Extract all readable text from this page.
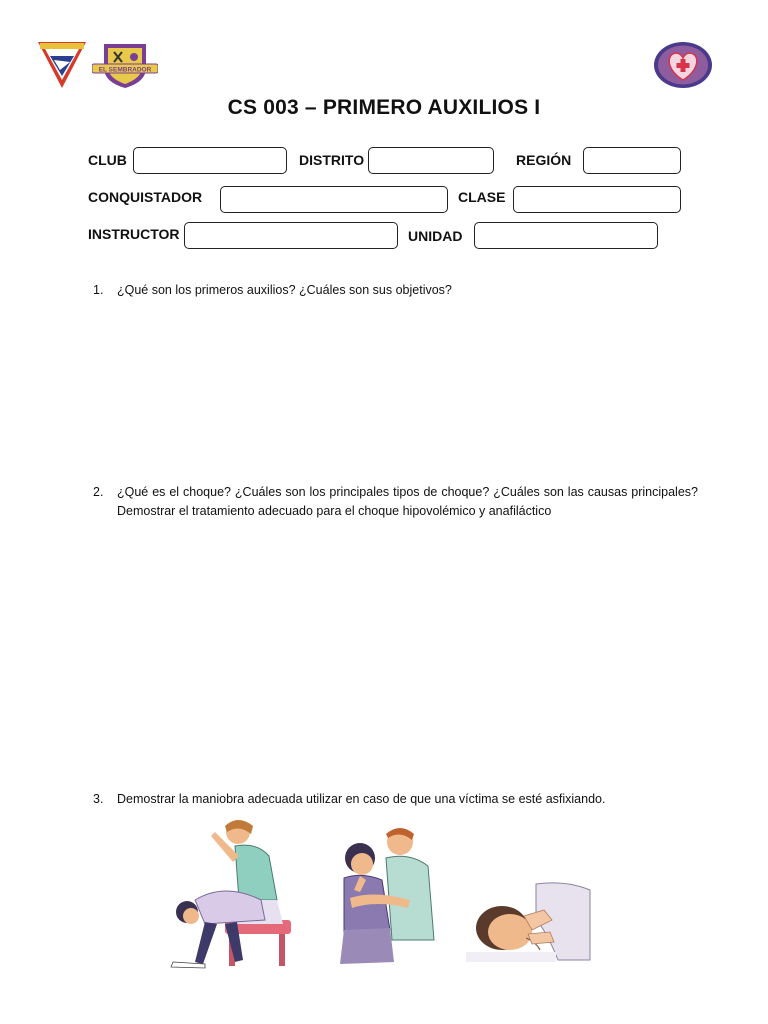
EL SEMBRADOR
CS 003 – PRIMERO AUXILIOS I
CLUB	DISTRITO	REGIÓN
CONQUISTADOR	CLASE
INSTRUCTOR	UNIDAD
1. ¿Qué son los primeros auxilios? ¿Cuáles son sus objetivos?
2. ¿Qué es el choque? ¿Cuáles son los principales tipos de choque? ¿Cuáles son las causas principales? Demostrar el tratamiento adecuado para el choque hipovolémico y anafiláctico
3. Demostrar la maniobra adecuada utilizar en caso de que una víctima se esté asfixiando.
